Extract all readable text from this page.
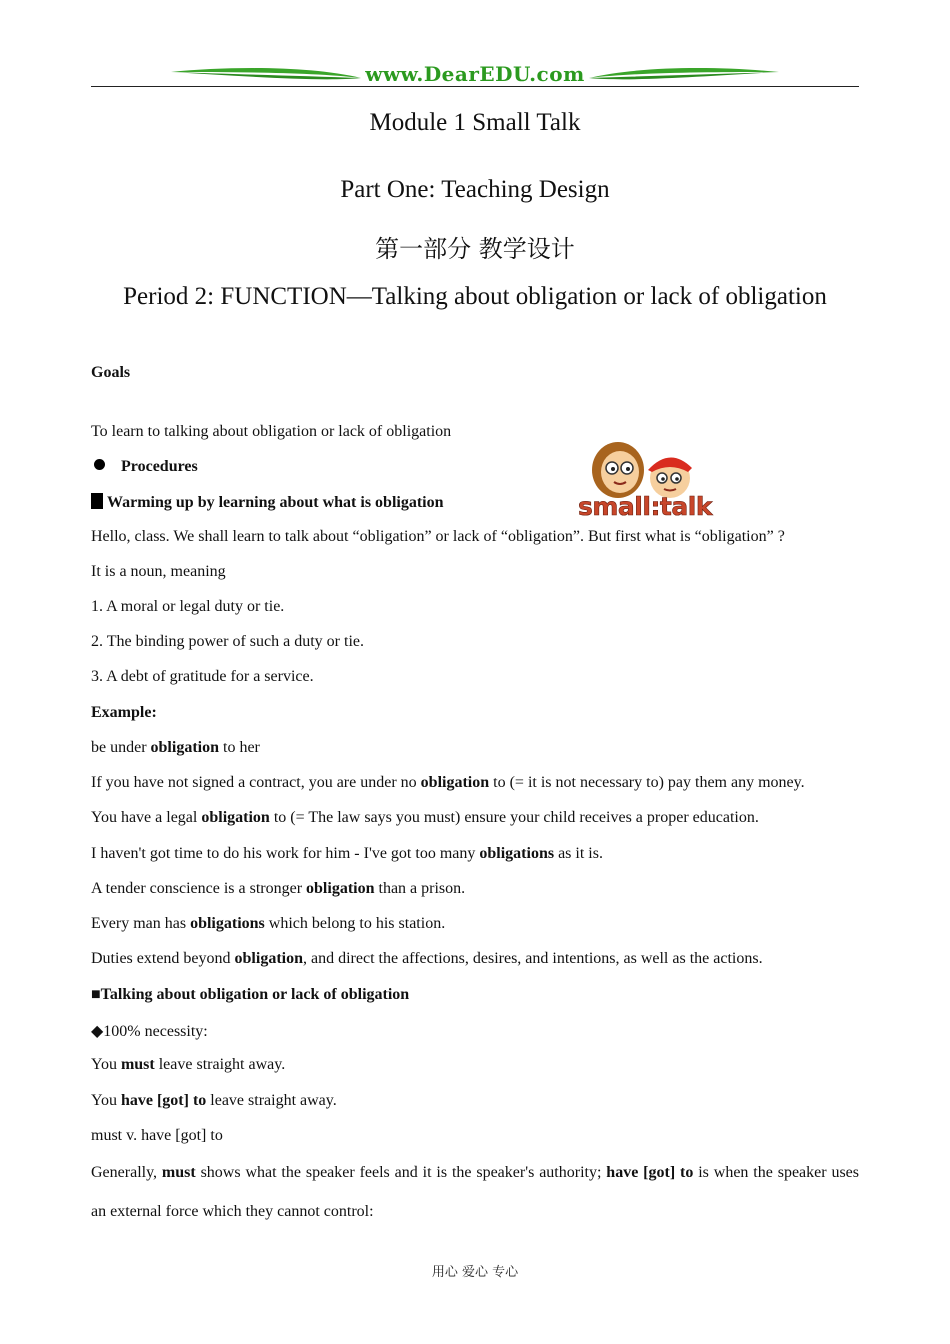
www.DearEDU.com
Module 1 Small Talk
Part One: Teaching Design
第一部分 教学设计
Period 2: FUNCTION—Talking about obligation or lack of obligation
small:talk
Goals
To learn to talking about obligation or lack of obligation
Procedures
Warming up by learning about what is obligation
Hello, class. We shall learn to talk about “obligation” or lack of “obligation”. But first what is “obligation” ?
It is a noun, meaning
1. A moral or legal duty or tie.
2. The binding power of such a duty or tie.
3. A debt of gratitude for a service.
Example:
be under obligation to her
If you have not signed a contract, you are under no obligation to (= it is not necessary to) pay them any money.
You have a legal obligation to (= The law says you must) ensure your child receives a proper education.
I haven't got time to do his work for him - I've got too many obligations as it is.
A tender conscience is a stronger obligation than a prison.
Every man has obligations which belong to his station.
Duties extend beyond obligation, and direct the affections, desires, and intentions, as well as the actions.
■Talking about obligation or lack of obligation
◆100% necessity:
You must leave straight away.
You have [got] to leave straight away.
must v. have [got] to
Generally, must shows what the speaker feels and it is the speaker's authority; have [got] to is when the speaker uses an external force which they cannot control:
用心 爱心 专心
